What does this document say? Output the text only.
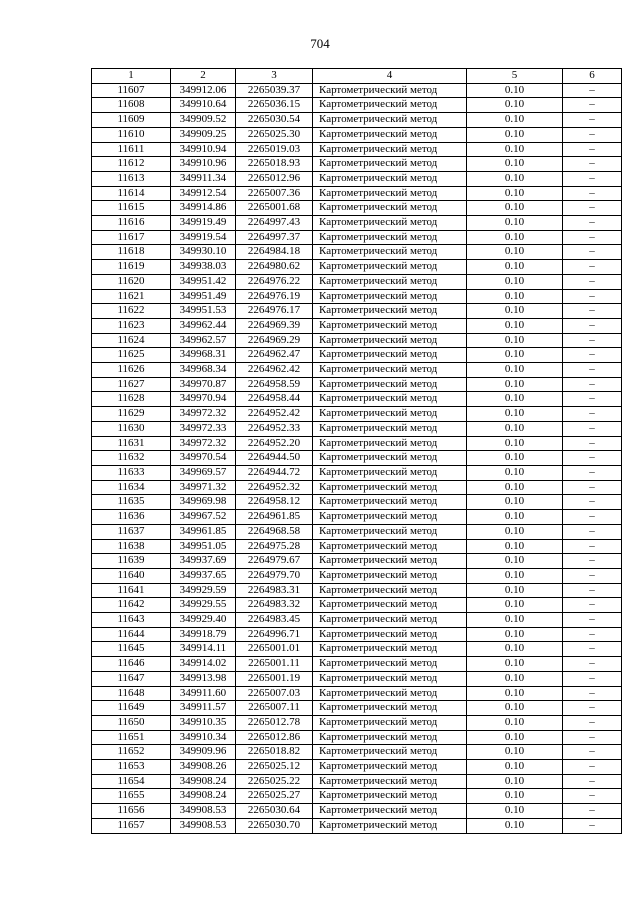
704
1	2	3	4	5	6
11607	349912.06	2265039.37	Картометрический метод	0.10	–
11608	349910.64	2265036.15	Картометрический метод	0.10	–
11609	349909.52	2265030.54	Картометрический метод	0.10	–
11610	349909.25	2265025.30	Картометрический метод	0.10	–
11611	349910.94	2265019.03	Картометрический метод	0.10	–
11612	349910.96	2265018.93	Картометрический метод	0.10	–
11613	349911.34	2265012.96	Картометрический метод	0.10	–
11614	349912.54	2265007.36	Картометрический метод	0.10	–
11615	349914.86	2265001.68	Картометрический метод	0.10	–
11616	349919.49	2264997.43	Картометрический метод	0.10	–
11617	349919.54	2264997.37	Картометрический метод	0.10	–
11618	349930.10	2264984.18	Картометрический метод	0.10	–
11619	349938.03	2264980.62	Картометрический метод	0.10	–
11620	349951.42	2264976.22	Картометрический метод	0.10	–
11621	349951.49	2264976.19	Картометрический метод	0.10	–
11622	349951.53	2264976.17	Картометрический метод	0.10	–
11623	349962.44	2264969.39	Картометрический метод	0.10	–
11624	349962.57	2264969.29	Картометрический метод	0.10	–
11625	349968.31	2264962.47	Картометрический метод	0.10	–
11626	349968.34	2264962.42	Картометрический метод	0.10	–
11627	349970.87	2264958.59	Картометрический метод	0.10	–
11628	349970.94	2264958.44	Картометрический метод	0.10	–
11629	349972.32	2264952.42	Картометрический метод	0.10	–
11630	349972.33	2264952.33	Картометрический метод	0.10	–
11631	349972.32	2264952.20	Картометрический метод	0.10	–
11632	349970.54	2264944.50	Картометрический метод	0.10	–
11633	349969.57	2264944.72	Картометрический метод	0.10	–
11634	349971.32	2264952.32	Картометрический метод	0.10	–
11635	349969.98	2264958.12	Картометрический метод	0.10	–
11636	349967.52	2264961.85	Картометрический метод	0.10	–
11637	349961.85	2264968.58	Картометрический метод	0.10	–
11638	349951.05	2264975.28	Картометрический метод	0.10	–
11639	349937.69	2264979.67	Картометрический метод	0.10	–
11640	349937.65	2264979.70	Картометрический метод	0.10	–
11641	349929.59	2264983.31	Картометрический метод	0.10	–
11642	349929.55	2264983.32	Картометрический метод	0.10	–
11643	349929.40	2264983.45	Картометрический метод	0.10	–
11644	349918.79	2264996.71	Картометрический метод	0.10	–
11645	349914.11	2265001.01	Картометрический метод	0.10	–
11646	349914.02	2265001.11	Картометрический метод	0.10	–
11647	349913.98	2265001.19	Картометрический метод	0.10	–
11648	349911.60	2265007.03	Картометрический метод	0.10	–
11649	349911.57	2265007.11	Картометрический метод	0.10	–
11650	349910.35	2265012.78	Картометрический метод	0.10	–
11651	349910.34	2265012.86	Картометрический метод	0.10	–
11652	349909.96	2265018.82	Картометрический метод	0.10	–
11653	349908.26	2265025.12	Картометрический метод	0.10	–
11654	349908.24	2265025.22	Картометрический метод	0.10	–
11655	349908.24	2265025.27	Картометрический метод	0.10	–
11656	349908.53	2265030.64	Картометрический метод	0.10	–
11657	349908.53	2265030.70	Картометрический метод	0.10	–
